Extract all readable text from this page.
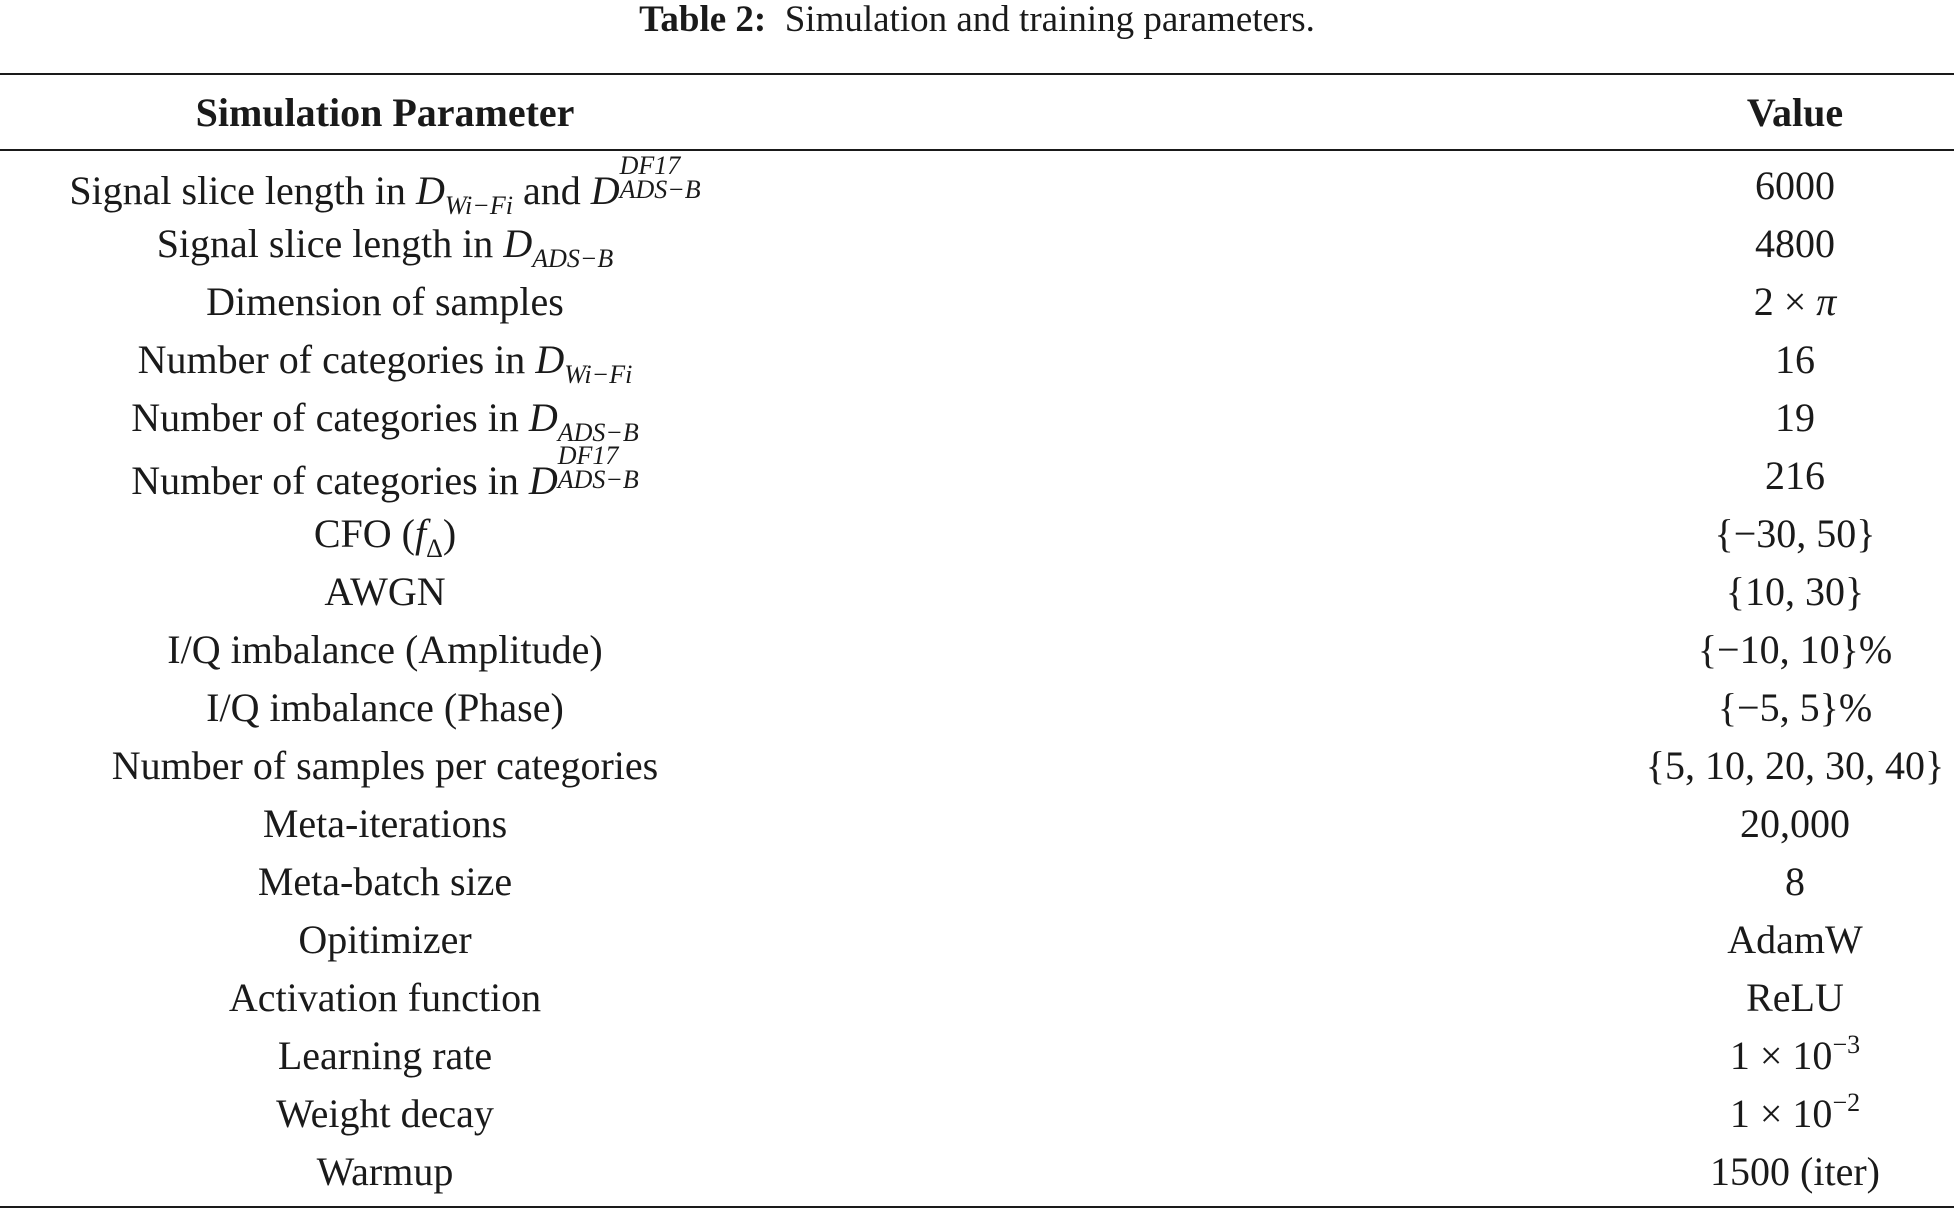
Table 2: Simulation and training parameters.
Simulation Parameter	Value
Signal slice length in $D_{Wi-Fi}$ and D
DF17
ADS−B	6000
Signal slice length in $D_{ADS-B}$	4800
Dimension of samples	2 × π
Number of categories in $D_{Wi-Fi}$	16
Number of categories in $D_{ADS-B}$	19
Number of categories in D
DF17
ADS−B	216
CFO $(f_\Delta)$	{−30, 50}
AWGN	{10, 30}
I/Q imbalance (Amplitude)	{−10, 10}%
I/Q imbalance (Phase)	{−5, 5}%
Number of samples per categories	{5, 10, 20, 30, 40}
Meta-iterations	20,000
Meta-batch size	8
Opitimizer	AdamW
Activation function	ReLU
Learning rate	$1 \times 10^{-3}$
Weight decay	$1 \times 10^{-2}$
Warmup	1500 (iter)
